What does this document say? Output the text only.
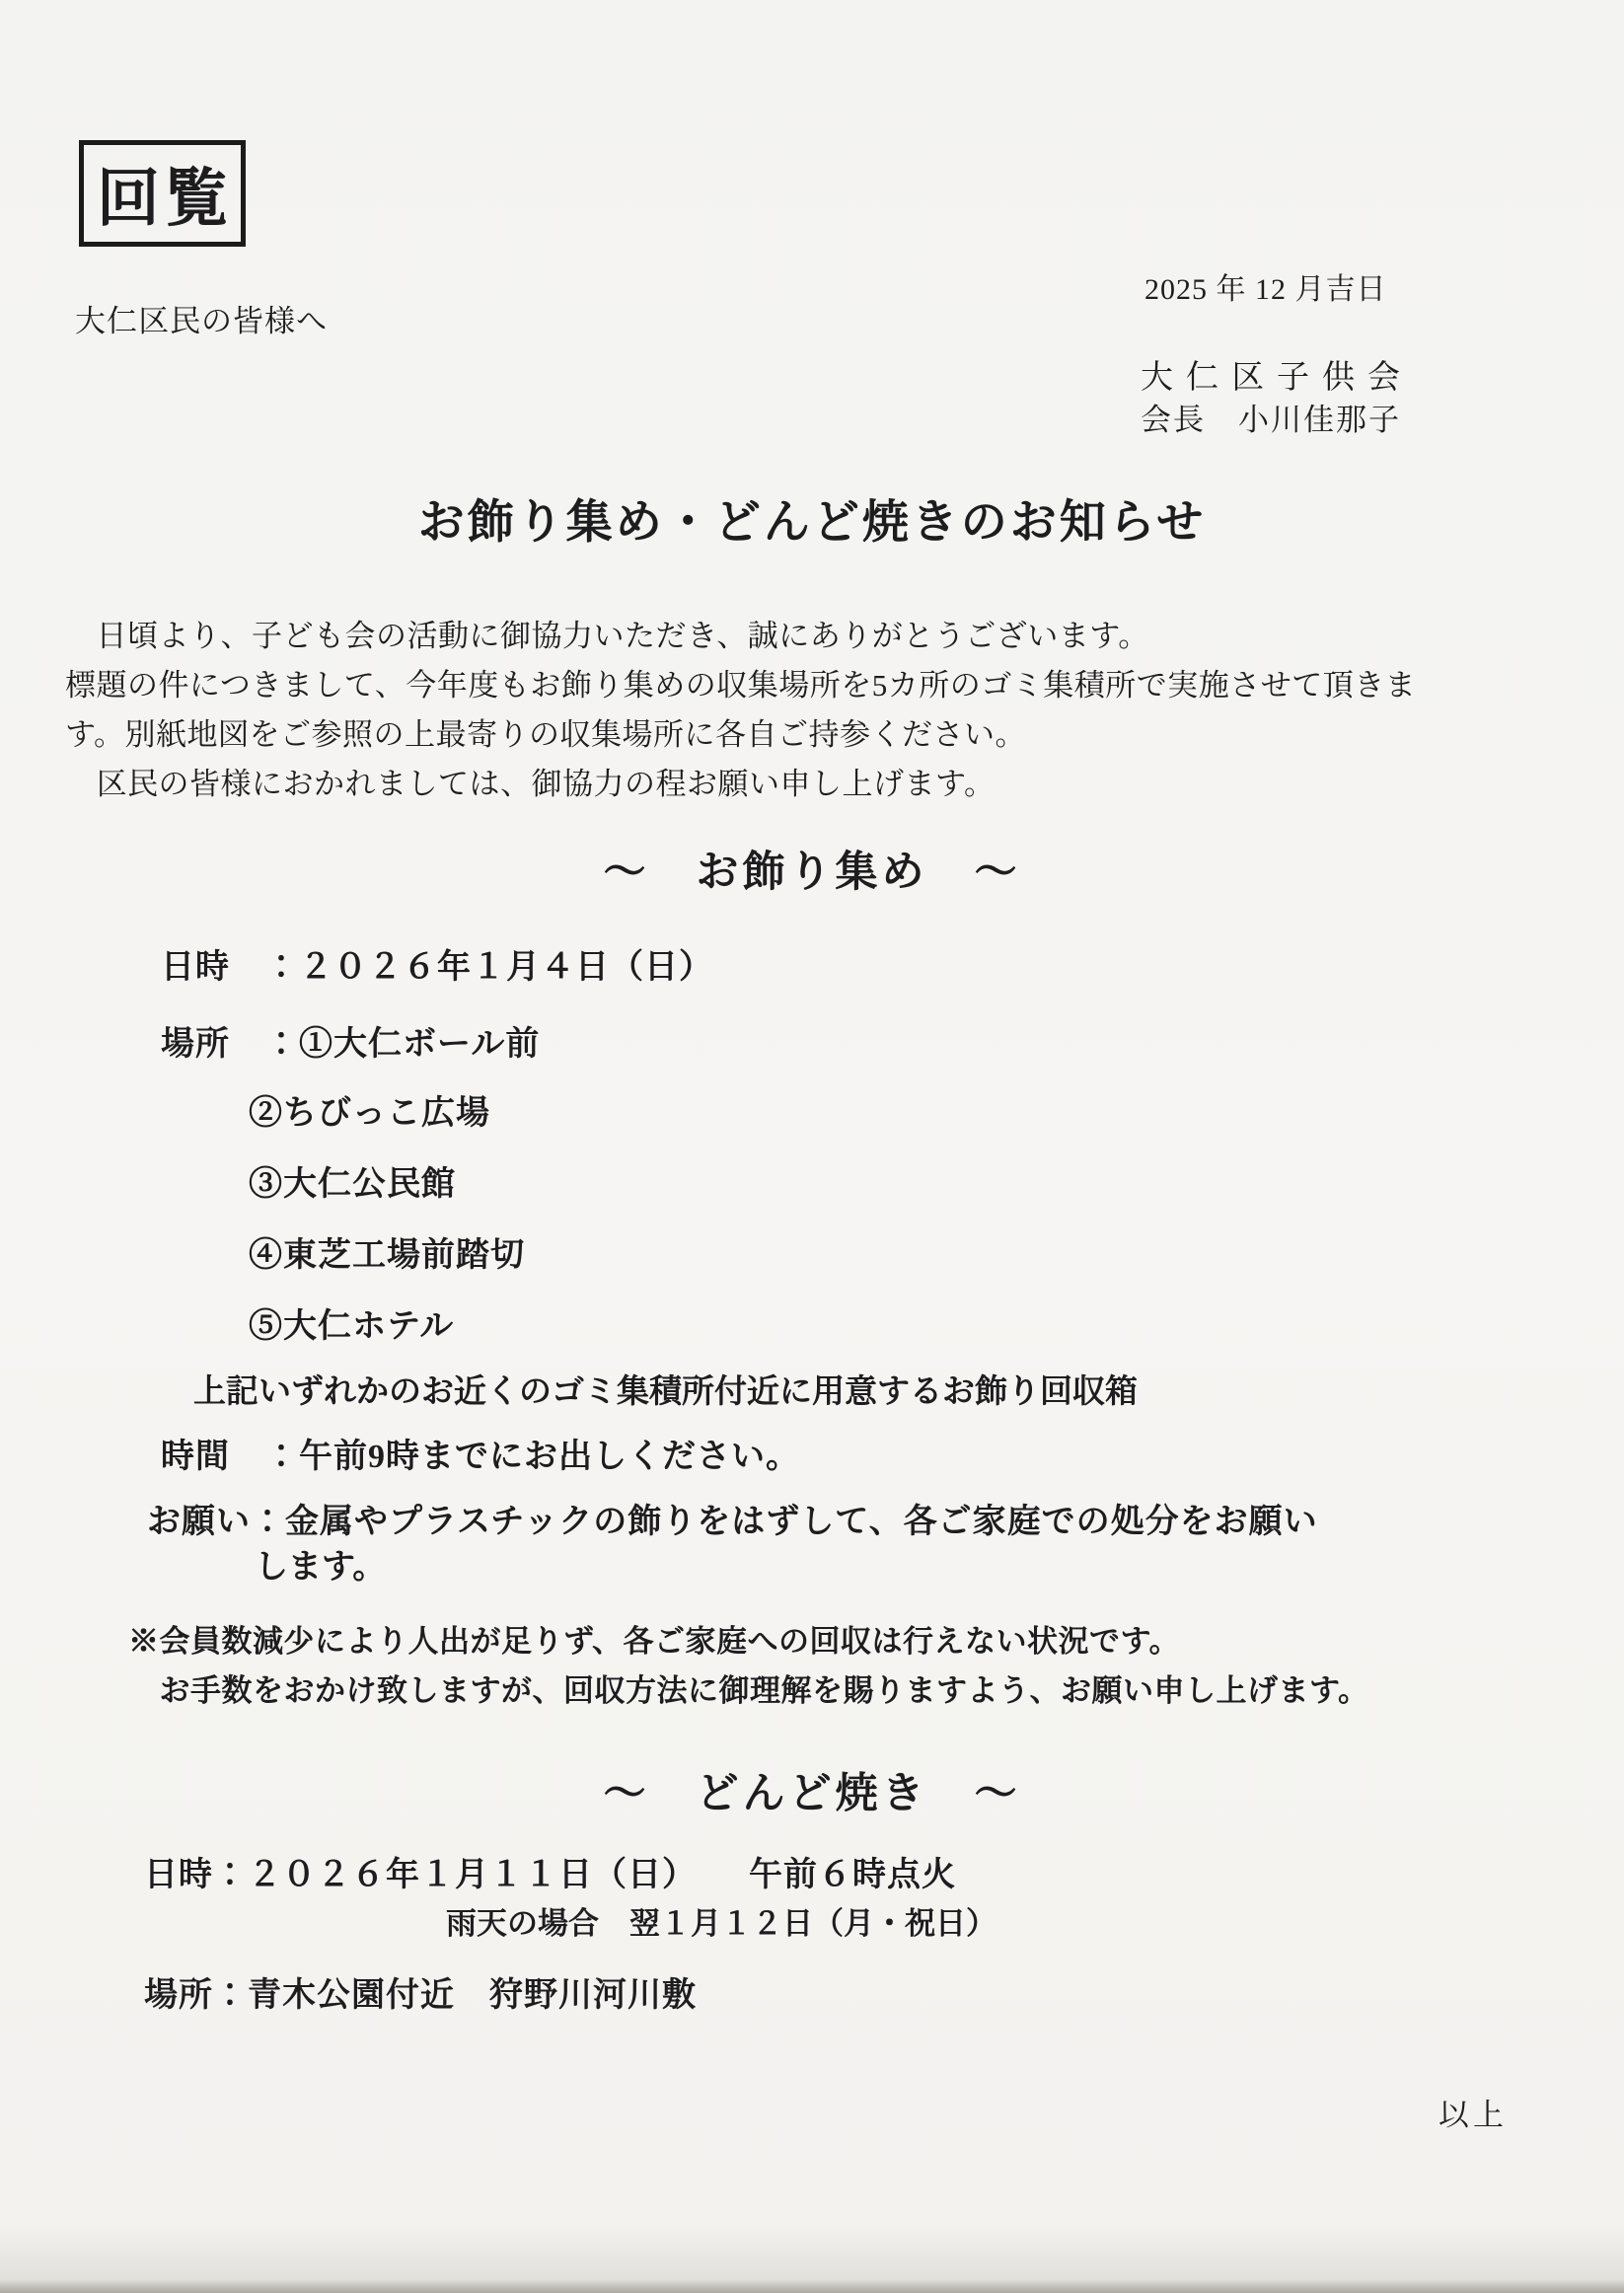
回覧
2025 年 12 月吉日
大仁区民の皆様へ
大仁区子供会
会長　小川佳那子
お飾り集め・どんど焼きのお知らせ
　日頃より、子ども会の活動に御協力いただき、誠にありがとうございます。
標題の件につきまして、今年度もお飾り集めの収集場所を5カ所のゴミ集積所で実施させて頂きま
す。別紙地図をご参照の上最寄りの収集場所に各自ご持参ください。
　区民の皆様におかれましては、御協力の程お願い申し上げます。
～　お飾り集め　～
日時　：２０２６年１月４日（日）
場所　：①大仁ボール前
②ちびっこ広場
③大仁公民館
④東芝工場前踏切
⑤大仁ホテル
上記いずれかのお近くのゴミ集積所付近に用意するお飾り回収箱
時間　：午前9時までにお出しください。
お願い：金属やプラスチックの飾りをはずして、各ご家庭での処分をお願い
します。
※会員数減少により人出が足りず、各ご家庭への回収は行えない状況です。
　お手数をおかけ致しますが、回収方法に御理解を賜りますよう、お願い申し上げます。
～　どんど焼き　～
日時：２０２６年１月１１日（日）　　午前６時点火
雨天の場合　翌１月１２日（月・祝日）
場所：青木公園付近　狩野川河川敷
以上
